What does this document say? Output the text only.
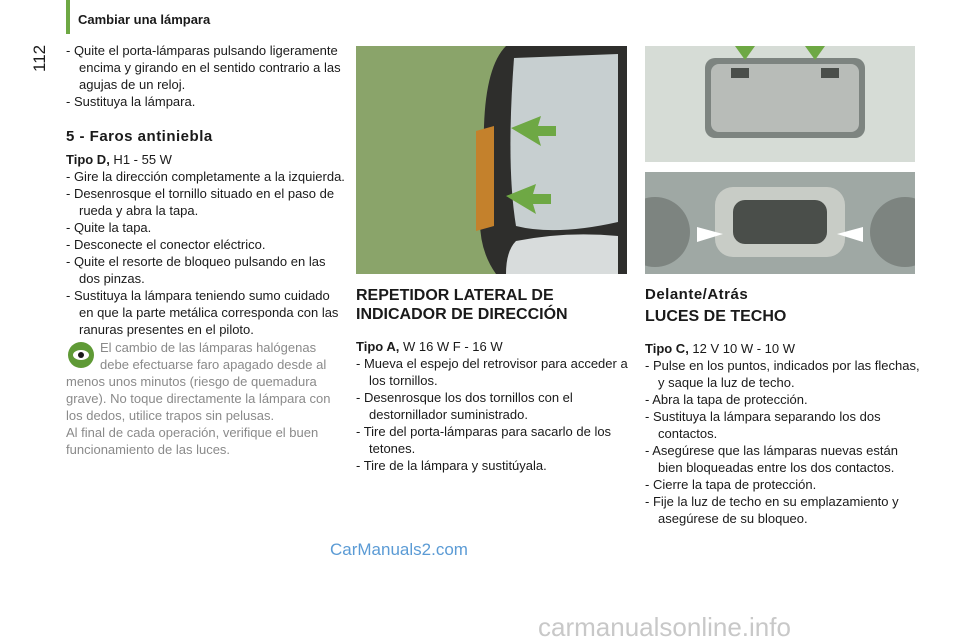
Cambiar una lámpara
112 - Quite el porta-lámparas pulsando ligeramente encima y girando en el sentido contrario a las agujas de un reloj.

- Sustituya la lámpara.

5 - Faros antiniebla

Tipo D, H1 - 55 W

- Gire la dirección completamente a la izquierda.

- Desenrosque el tornillo situado en el paso de rueda y abra la tapa.

- Quite la tapa.

- Desconecte el conector eléctrico.

- Quite el resorte de bloqueo pulsando en las dos pinzas.

- Sustituya la lámpara teniendo sumo cuidado en que la parte metálica corresponda con las ranuras presentes en el piloto.

El cambio de las lámparas halógenas debe efectuarse faro apagado desde al menos unos minutos (riesgo de quemadura grave). No toque directamente la lámpara con los dedos, utilice trapos sin pelusas.
Al final de cada operación, verifique el buen funcionamiento de las luces.
REPETIDOR LATERAL DE
INDICADOR DE DIRECCIÓN

Tipo A, W 16 W F - 16 W

- Mueva el espejo del retrovisor para acceder a los tornillos.

- Desenrosque los dos tornillos con el destornillador suministrado.

- Tire del porta-lámparas para sacarlo de los tetones.

- Tire de la lámpara y sustitúyala.

Delante/Atrás
LUCES DE TECHO

Tipo C, 12 V 10 W - 10 W

- Pulse en los puntos, indicados por las flechas, y saque la luz de techo.

- Abra la tapa de protección.

- Sustituya la lámpara separando los dos contactos.

- Asegúrese que las lámparas nuevas están bien bloqueadas entre los dos contactos.

- Cierre la tapa de protección.

- Fije la luz de techo en su emplazamiento y asegúrese de su bloqueo.

CarManuals2.com
carmanualsonline.info
